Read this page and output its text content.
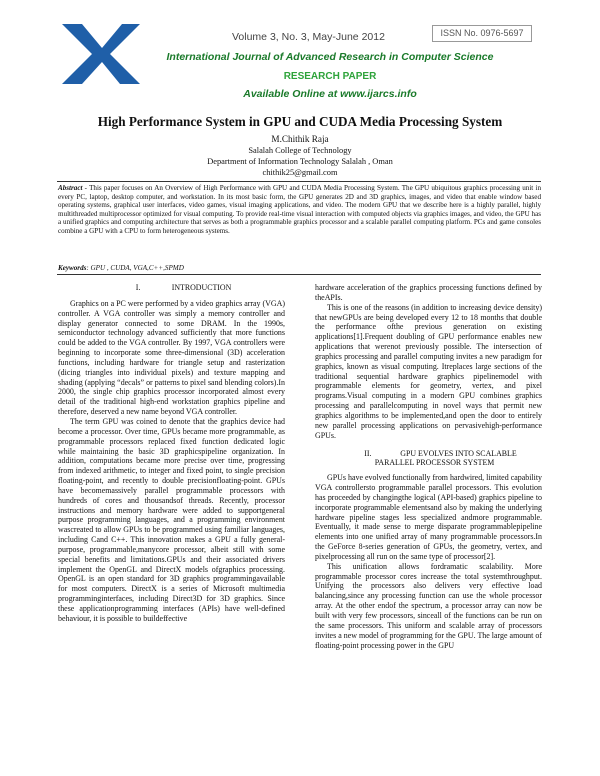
Volume 3, No. 3, May-June 2012	ISSN No. 0976-5697
International Journal of Advanced Research in Computer Science
RESEARCH PAPER
Available Online at www.ijarcs.info
High Performance System in GPU and CUDA Media Processing System
M.Chithik Raja
Salalah College of Technology
Department of Information Technology Salalah , Oman
chithik25@gmail.com
Abstract - This paper focuses on An Overview of High Performance with GPU and CUDA Media Processing System. The GPU ubiquitous graphics processing unit in every PC, laptop, desktop computer, and workstation. In its most basic form, the GPU generates 2D and 3D graphics, images, and video that enable window based operating systems, graphical user interfaces, video games, visual imaging applications, and video. The modern GPU that we describe here is a highly parallel, highly multithreaded multiprocessor optimized for visual computing. To provide real-time visual interaction with computed objects via graphics images, and video, the GPU has a unified graphics and computing architecture that serves as both a programmable graphics processor and a scalable parallel computing platform. PCs and game consoles combine a GPU with a CPU to form heterogeneous systems.
Keywords: GPU , CUDA, VGA,C++,SPMD

I.	INTRODUCTION

Graphics on a PC were performed by a video graphics array (VGA) controller. A VGA controller was simply a memory controller and display generator connected to some DRAM. In the 1990s, semiconductor technology advanced sufficiently that more functions could be added to the VGA controller. By 1997, VGA controllers were beginning to incorporate some three-dimensional (3D) acceleration functions, including hardware for triangle setup and rasterization (dicing triangles into individual pixels) and texture mapping and shading (applying “decals” or patterns to pixel sand blending colors).In 2000, the single chip graphics processor incorporated almost every detail of the traditional high-end workstation graphics pipeline and therefore, deserved a new name beyond VGA controller.

The term GPU was coined to denote that the graphics device had become a processor. Over time, GPUs became more programmable, as programmable processors replaced fixed function dedicated logic while maintaining the basic 3D graphicspipeline organization. In addition, computations became more precise over time, progressing from indexed arithmetic, to integer and fixed point, to single precision floating-point, and recently to double precisionfloating-point. GPUs have becomemassively parallel programmable processors with hundreds of cores and thousandsof threads. Recently, processor instructions and memory hardware were added to supportgeneral purpose programming languages, and a programming environment wascreated to allow GPUs to be programmed using familiar languages, including Cand C++. This innovation makes a GPU a fully general-purpose, programmable,manycore processor, albeit still with some special benefits and limitations.GPUs and their associated drivers implement the OpenGL and DirectX models ofgraphics processing. OpenGL is an open standard for 3D graphics programmingavailable for most computers. DirectX is a series of Microsoft multimedia programminginterfaces, including Direct3D for 3D graphics. Since these applicationprogramming interfaces (APIs) have well-defined behaviour, it is possible to buildeffective

hardware acceleration of the graphics processing functions defined by theAPIs.

This is one of the reasons (in addition to increasing device density) that newGPUs are being developed every 12 to 18 months that double the performance ofthe previous generation on existing applications[1].Frequent doubling of GPU performance enables new applications that werenot previously possible. The intersection of graphics processing and parallel computing invites a new paradigm for graphics, known as visual computing. Itreplaces large sections of the traditional sequential hardware graphics pipelinemodel with programmable elements for geometry, vertex, and pixel programs.Visual computing in a modern GPU combines graphics processing and parallelcomputing in novel ways that permit new graphics algorithms to be implemented,and open the door to entirely new parallel processing applications on pervasivehigh-performance GPUs.

II.	GPU EVOLVES INTO SCALABLE

PARALLEL PROCESSOR SYSTEM

GPUs have evolved functionally from hardwired, limited capability VGA controllersto programmable parallel processors. This evolution has proceeded by changingthe logical (API-based) graphics pipeline to incorporate programmable elementsand also by making the underlying hardware pipeline stages less specialized andmore programmable. Eventually, it made sense to merge disparate programmablepipeline elements into one unified array of many programmable processors.In the GeForce 8-series generation of GPUs, the geometry, vertex, and pixelprocessing all run on the same type of processor[2].

This unification allows fordramatic scalability. More programmable processor cores increase the total systemthroughput. Unifying the processors also delivers very effective load balancing,since any processing function can use the whole processor array. At the other endof the spectrum, a processor array can now be built with very few processors, sinceall of the functions can be run on the same processors. This uniform and scalable array of processors invites a new model of programming for the GPU. The large amount of floating-point processing power in the GPU
